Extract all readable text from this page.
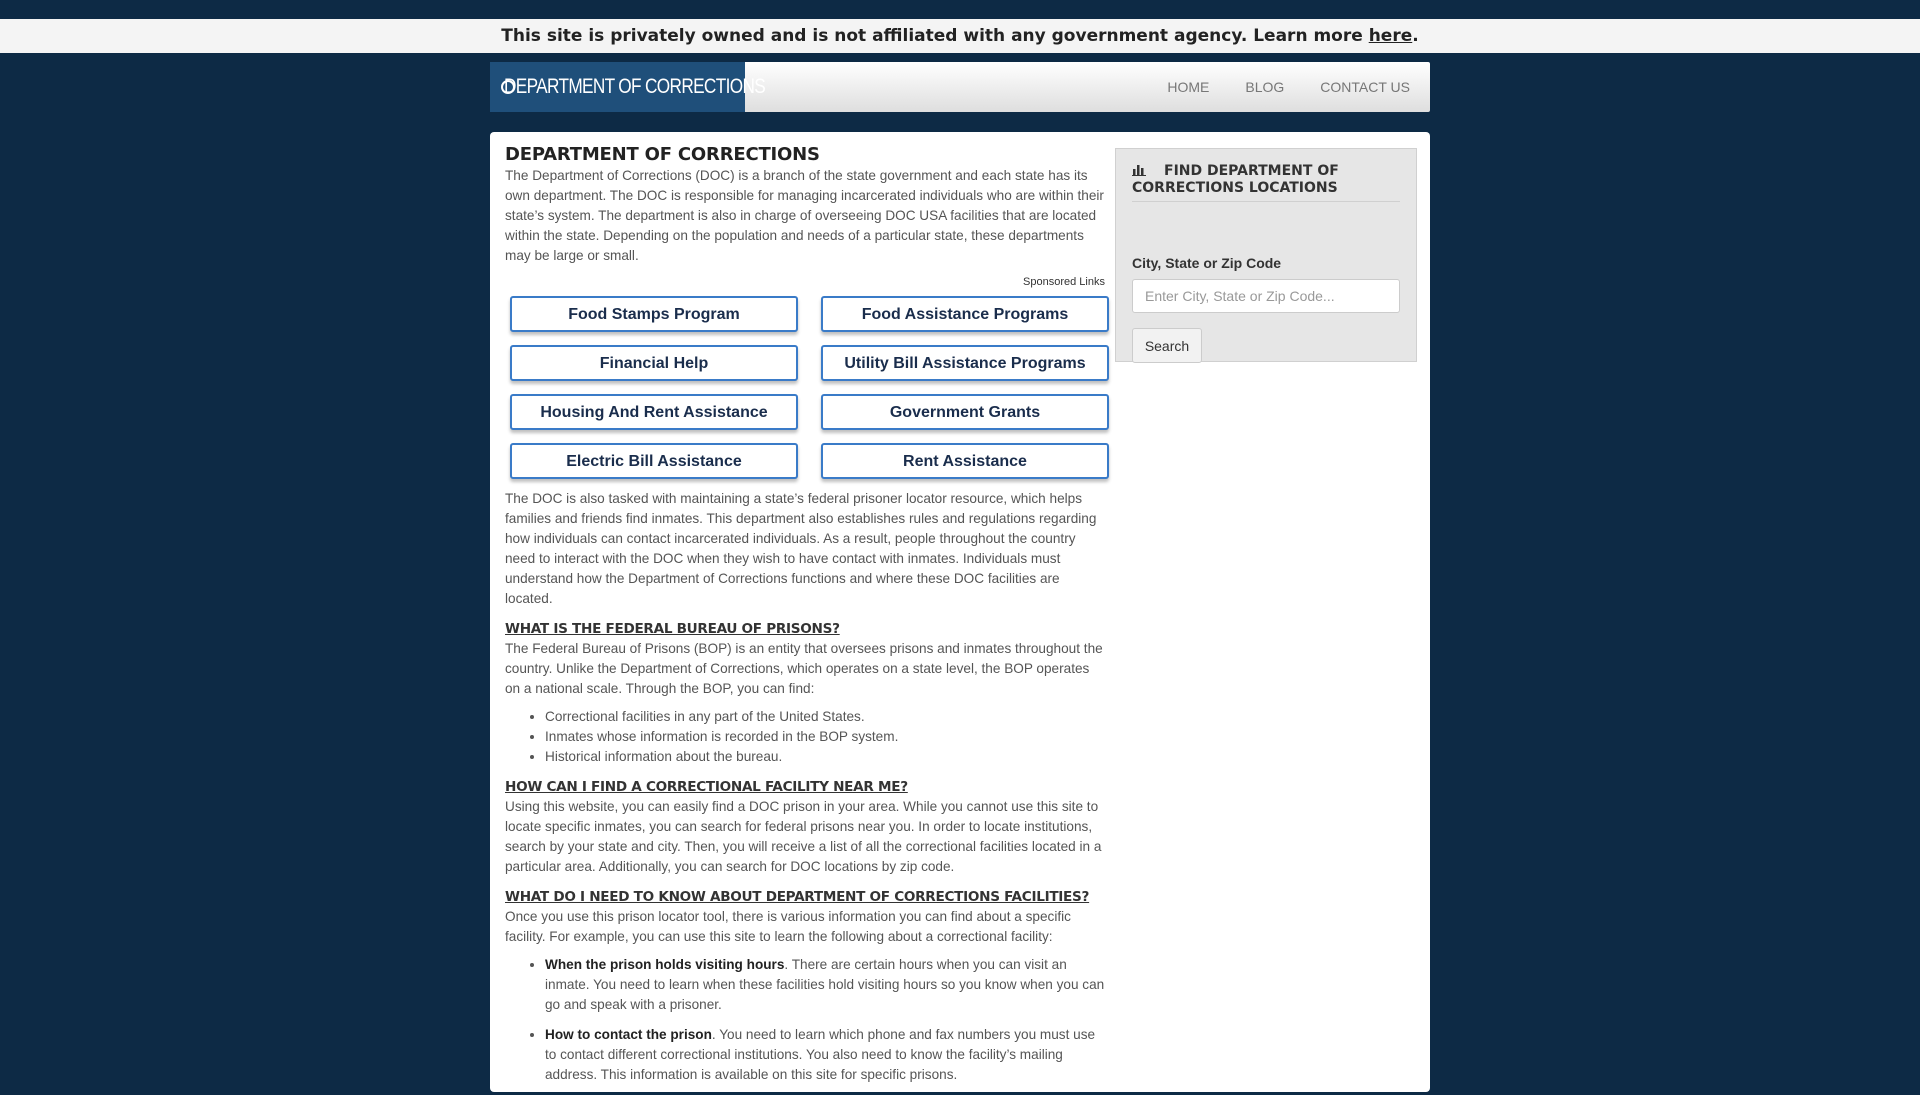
This site is privately owned and is not affiliated with any government agency. Learn more here.
DEPARTMENT OF CORRECTIONS	HOME	BLOG	CONTACT US
DEPARTMENT OF CORRECTIONS

The Department of Corrections (DOC) is a branch of the state government and each state has its own department. The DOC is responsible for managing incarcerated individuals who are within their state’s system. The department is also in charge of overseeing DOC USA facilities that are located within the state. Depending on the population and needs of a particular state, these departments may be large or small.

Sponsored Links
Food Stamps Program	Food Assistance Programs
Financial Help	Utility Bill Assistance Programs
Housing And Rent Assistance	Government Grants
Electric Bill Assistance	Rent Assistance

The DOC is also tasked with maintaining a state’s federal prisoner locator resource, which helps families and friends find inmates. This department also establishes rules and regulations regarding how individuals can contact incarcerated individuals. As a result, people throughout the country need to interact with the DOC when they wish to have contact with inmates. Individuals must understand how the Department of Corrections functions and where these DOC facilities are located.

WHAT IS THE FEDERAL BUREAU OF PRISONS?

The Federal Bureau of Prisons (BOP) is an entity that oversees prisons and inmates throughout the country. Unlike the Department of Corrections, which operates on a state level, the BOP operates on a national scale. Through the BOP, you can find:

• Correctional facilities in any part of the United States.
• Inmates whose information is recorded in the BOP system.
• Historical information about the bureau.
HOW CAN I FIND A CORRECTIONAL FACILITY NEAR ME?

Using this website, you can easily find a DOC prison in your area. While you cannot use this site to locate specific inmates, you can search for federal prisons near you. In order to locate institutions, search by your state and city. Then, you will receive a list of all the correctional facilities located in a particular area. Additionally, you can search for DOC locations by zip code.

WHAT DO I NEED TO KNOW ABOUT DEPARTMENT OF CORRECTIONS FACILITIES?

Once you use this prison locator tool, there is various information you can find about a specific facility. For example, you can use this site to learn the following about a correctional facility:

• When the prison holds visiting hours. There are certain hours when you can visit an inmate. You need to learn when these facilities hold visiting hours so you know when you can go and speak with a prisoner.
• How to contact the prison. You need to learn which phone and fax numbers you must use to contact different correctional institutions. You also need to know the facility’s mailing address. This information is available on this site for specific prisons.
FIND DEPARTMENT OF CORRECTIONS LOCATIONS
City, State or Zip Code
Enter City, State or Zip Code...
Search
